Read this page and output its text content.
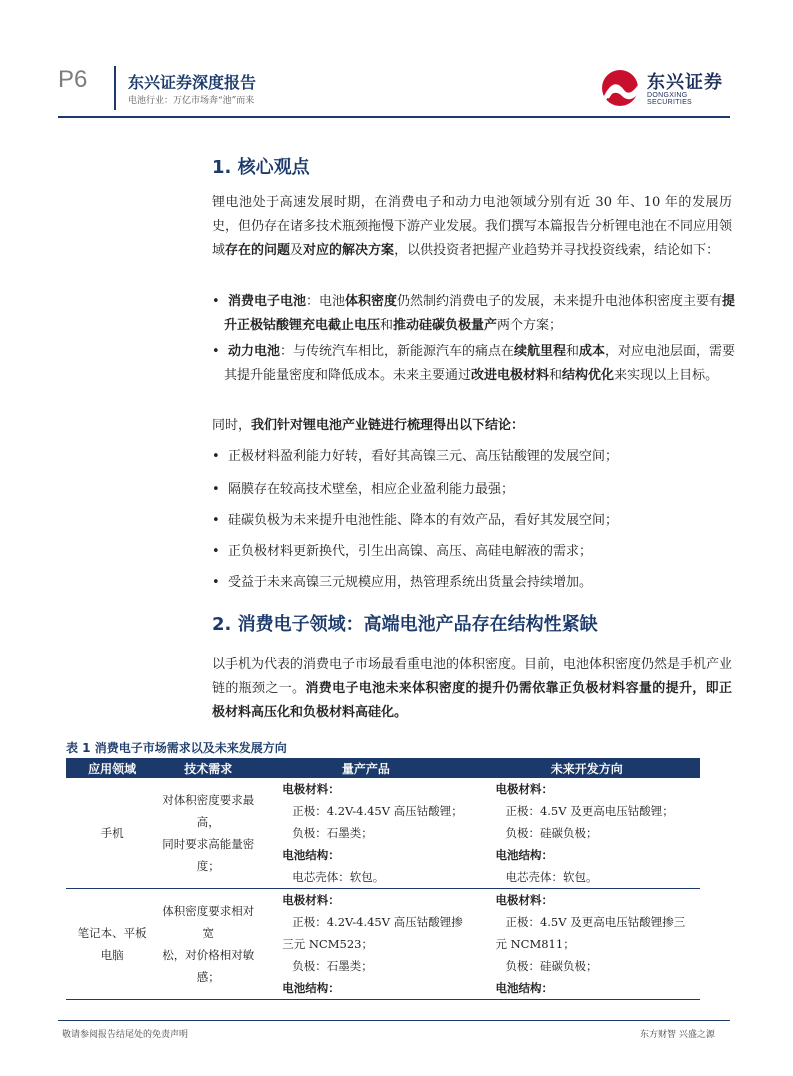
P6	东兴证券深度报告
电池行业：万亿市场奔“池”而来
东兴证券
DONGXING SECURITIES
1. 核心观点
锂电池处于高速发展时期，在消费电子和动力电池领域分别有近 30 年、10 年的发展历史，但仍存在诸多技术瓶颈拖慢下游产业发展。我们撰写本篇报告分析锂电池在不同应用领域存在的问题及对应的解决方案，以供投资者把握产业趋势并寻找投资线索，结论如下：
• 消费电子电池：电池体积密度仍然制约消费电子的发展，未来提升电池体积密度主要有提升正极钴酸锂充电截止电压和推动硅碳负极量产两个方案；
• 动力电池：与传统汽车相比，新能源汽车的痛点在续航里程和成本，对应电池层面，需要其提升能量密度和降低成本。未来主要通过改进电极材料和结构优化来实现以上目标。
同时，我们针对锂电池产业链进行梳理得出以下结论：
• 正极材料盈利能力好转，看好其高镍三元、高压钴酸锂的发展空间；
• 隔膜存在较高技术壁垒，相应企业盈利能力最强；
• 硅碳负极为未来提升电池性能、降本的有效产品，看好其发展空间；
• 正负极材料更新换代，引生出高镍、高压、高硅电解液的需求；
• 受益于未来高镍三元规模应用，热管理系统出货量会持续增加。
2. 消费电子领域：高端电池产品存在结构性紧缺
以手机为代表的消费电子市场最看重电池的体积密度。目前，电池体积密度仍然是手机产业链的瓶颈之一。消费电子电池未来体积密度的提升仍需依靠正负极材料容量的提升，即正极材料高压化和负极材料高硅化。
表 1 消费电子市场需求以及未来发展方向
应用领域	技术需求	量产产品	未来开发方向
手机	对体积密度要求最高，
同时要求高能量密度；	电极材料：
正极：4.2V-4.45V 高压钴酸锂；
负极：石墨类；
电池结构：
电芯壳体：软包。	电极材料：
正极：4.5V 及更高电压钴酸锂；
负极：硅碳负极；
电池结构：
电芯壳体：软包。

笔记本、平板
电脑	体积密度要求相对宽
松，对价格相对敏感；	电极材料：
正极：4.2V-4.45V 高压钴酸锂掺
三元 NCM523；
负极：石墨类；
电池结构：	电极材料：
正极：4.5V 及更高电压钴酸锂掺三
元 NCM811；
负极：硅碳负极；
电池结构：
敬请参阅报告结尾处的免责声明	东方财智 兴盛之源
